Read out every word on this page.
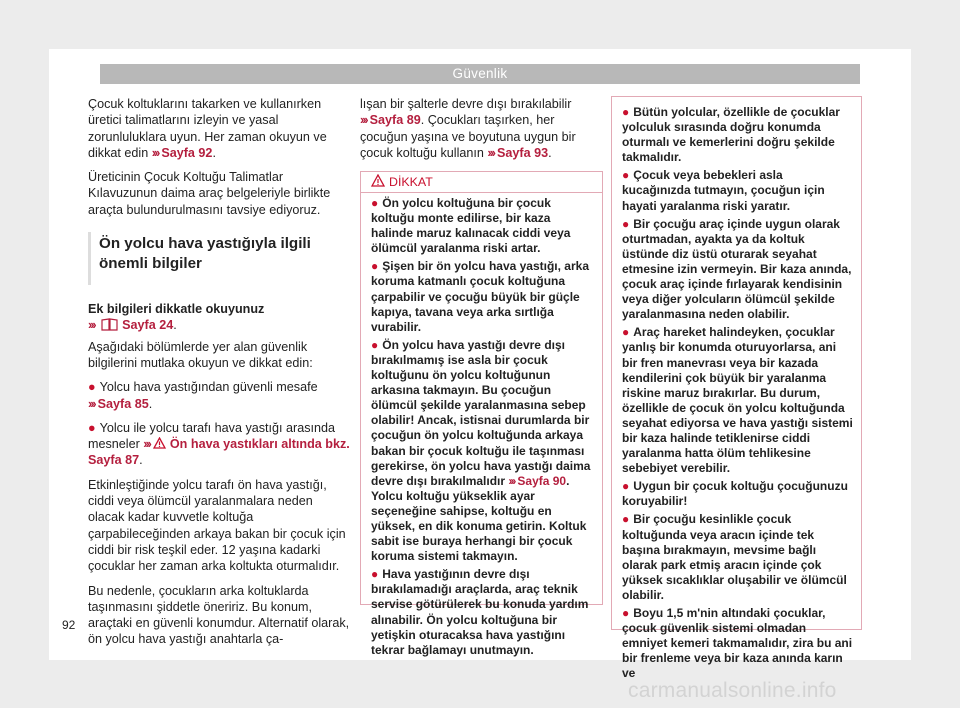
Güvenlik

Çocuk koltuklarını takarken ve kullanırken üretici talimatlarını izleyin ve yasal zorunluluklara uyun. Her zaman okuyun ve dikkat edin ››› Sayfa 92.

Üreticinin Çocuk Koltuğu Talimatlar Kılavuzunun daima araç belgeleriyle birlikte araçta bulundurulmasını tavsiye ediyoruz.

Ön yolcu hava yastığıyla ilgili önemli bilgiler

Ek bilgileri dikkatle okuyunuz
››› Sayfa 24.

Aşağıdaki bölümlerde yer alan güvenlik bilgilerini mutlaka okuyun ve dikkat edin:

● Yolcu hava yastığından güvenli mesafe
››› Sayfa 85.

● Yolcu ile yolcu tarafı hava yastığı arasında mesneler ››› Ön hava yastıkları altında bkz. Sayfa 87.

Etkinleştiğinde yolcu tarafı ön hava yastığı, ciddi veya ölümcül yaralanmalara neden olacak kadar kuvvetle koltuğa çarpabileceğinden arkaya bakan bir çocuk için ciddi bir risk teşkil eder. 12 yaşına kadarki çocuklar her zaman arka koltukta oturmalıdır.

Bu nedenle, çocukların arka koltuklarda taşınmasını şiddetle öneririz. Bu konum, araçtaki en güvenli konumdur. Alternatif olarak, ön yolcu hava yastığı anahtarla ça-

lışan bir şalterle devre dışı bırakılabilir ››› Sayfa 89. Çocukları taşırken, her çocuğun yaşına ve boyutuna uygun bir çocuk koltuğu kullanın ››› Sayfa 93.

DİKKAT

● Ön yolcu koltuğuna bir çocuk koltuğu monte edilirse, bir kaza halinde maruz kalınacak ciddi veya ölümcül yaralanma riski artar.

● Şişen bir ön yolcu hava yastığı, arka koruma katmanlı çocuk koltuğuna çarpabilir ve çocuğu büyük bir güçle kapıya, tavana veya arka sırtlığa vurabilir.

● Ön yolcu hava yastığı devre dışı bırakılmamış ise asla bir çocuk koltuğunu ön yolcu koltuğunun arkasına takmayın. Bu çocuğun ölümcül şekilde yaralanmasına sebep olabilir! Ancak, istisnai durumlarda bir çocuğun ön yolcu koltuğunda arkaya bakan bir çocuk koltuğu ile taşınması gerekirse, ön yolcu hava yastığı daima devre dışı bırakılmalıdır ››› Sayfa 90. Yolcu koltuğu yükseklik ayar seçeneğine sahipse, koltuğu en yüksek, en dik konuma getirin. Koltuk sabit ise buraya herhangi bir çocuk koruma sistemi takmayın.

● Hava yastığının devre dışı bırakılamadığı araçlarda, araç teknik servise götürülerek bu konuda yardım alınabilir. Ön yolcu koltuğuna bir yetişkin oturacaksa hava yastığını tekrar bağlamayı unutmayın.

● Bütün yolcular, özellikle de çocuklar yolculuk sırasında doğru konumda oturmalı ve kemerlerini doğru şekilde takmalıdır.

● Çocuk veya bebekleri asla kucağınızda tutmayın, çocuğun için hayati yaralanma riski yaratır.

● Bir çocuğu araç içinde uygun olarak oturtmadan, ayakta ya da koltuk üstünde diz üstü oturarak seyahat etmesine izin vermeyin. Bir kaza anında, çocuk araç içinde fırlayarak kendisinin veya diğer yolcuların ölümcül şekilde yaralanmasına neden olabilir.

● Araç hareket halindeyken, çocuklar yanlış bir konumda oturuyorlarsa, ani bir fren manevrası veya bir kazada kendilerini çok büyük bir yaralanma riskine maruz bırakırlar. Bu durum, özellikle de çocuk ön yolcu koltuğunda seyahat ediyorsa ve hava yastığı sistemi bir kaza halinde tetiklenirse ciddi yaralanma hatta ölüm tehlikesine sebebiyet verebilir.

● Uygun bir çocuk koltuğu çocuğunuzu koruyabilir!

● Bir çocuğu kesinlikle çocuk koltuğunda veya aracın içinde tek başına bırakmayın, mevsime bağlı olarak park etmiş aracın içinde çok yüksek sıcaklıklar oluşabilir ve ölümcül olabilir.

● Boyu 1,5 m'nin altındaki çocuklar, çocuk güvenlik sistemi olmadan emniyet kemeri takmamalıdır, zira bu ani bir frenleme veya bir kaza anında karın ve

92
carmanualsonline.info
